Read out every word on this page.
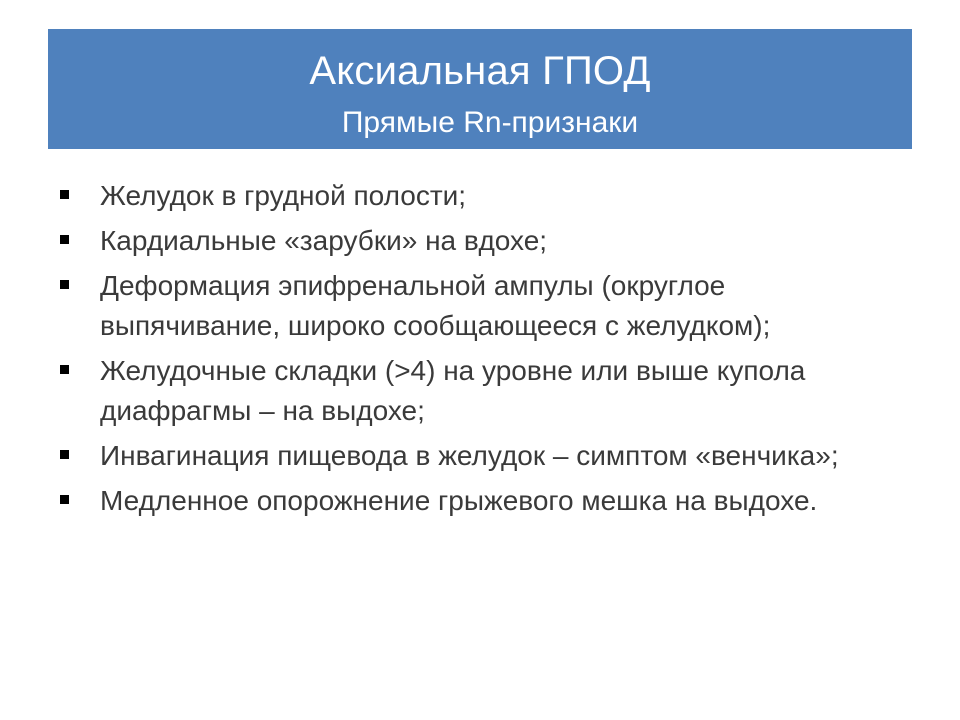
Аксиальная ГПОД
Прямые Rn-признаки
Желудок в грудной полости;
Кардиальные «зарубки» на вдохе;
Деформация эпифренальной ампулы (округлое выпячивание, широко сообщающееся с желудком);
Желудочные складки (>4) на уровне или выше купола диафрагмы – на выдохе;
Инвагинация пищевода в желудок – симптом «венчика»;
Медленное опорожнение грыжевого мешка на выдохе.
